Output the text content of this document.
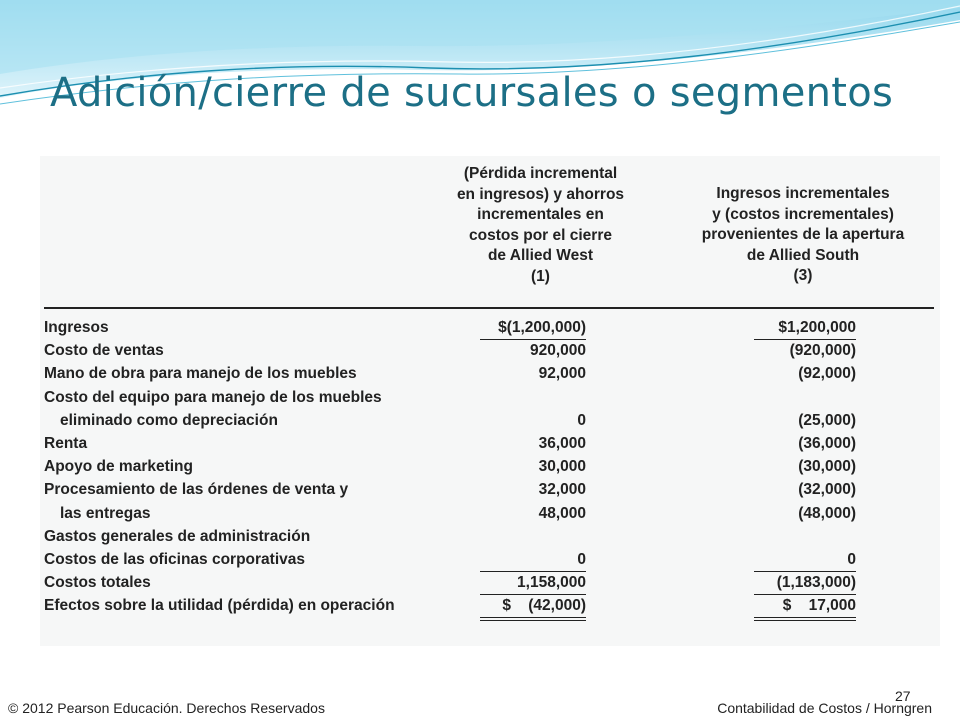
Adición/cierre de sucursales o segmentos
(Pérdida incremental
en ingresos) y ahorros
incrementales en
costos por el cierre
de Allied West
(1)
Ingresos incrementales
y (costos incrementales)
provenientes de la apertura
de Allied South
(3)
Ingresos	$(1,200,000)	$1,200,000
Costo de ventas	920,000	(920,000)
Mano de obra para manejo de los muebles	92,000	(92,000)
Costo del equipo para manejo de los muebles
eliminado como depreciación	0	(25,000)
Renta	36,000	(36,000)
Apoyo de marketing	30,000	(30,000)
Procesamiento de las órdenes de venta y	32,000	(32,000)
las entregas	48,000	(48,000)
Gastos generales de administración
Costos de las oficinas corporativas	0	0
Costos totales	1,158,000	(1,183,000)
Efectos sobre la utilidad (pérdida) en operación	$    (42,000)	$    17,000
27
© 2012 Pearson Educación. Derechos Reservados	Contabilidad de Costos / Horngren
